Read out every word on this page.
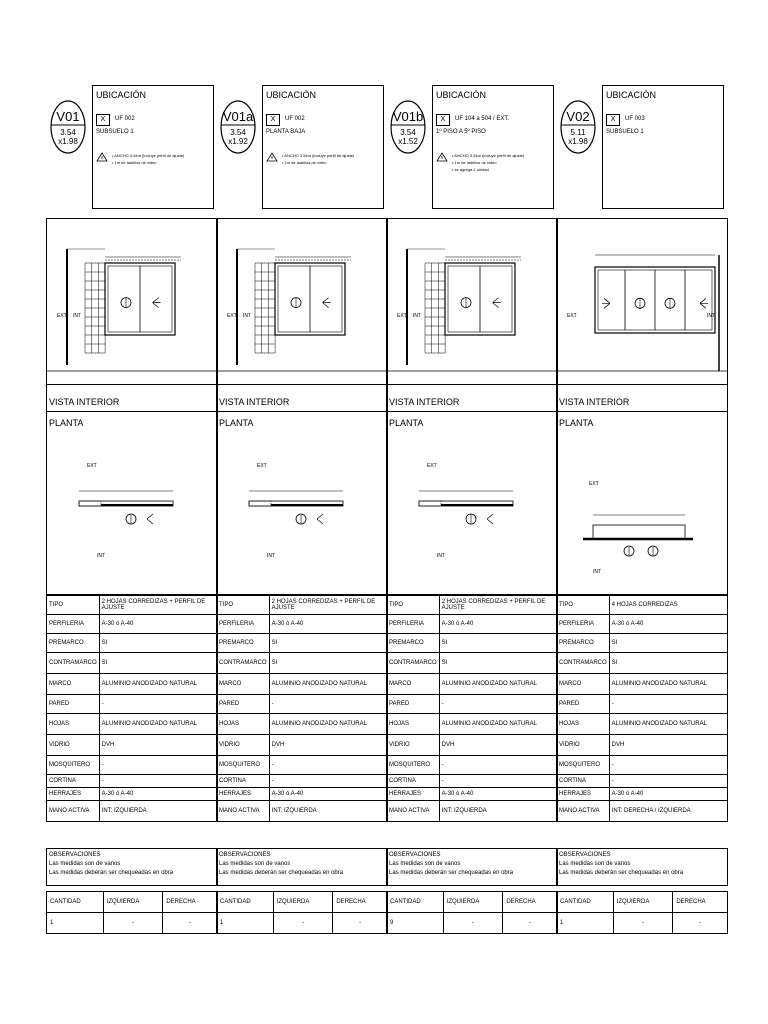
V01
3.54
x1.98
UBICACIÓN
X	UF 002
SUBSUELO 1
• ANCHO 3.54m (incluye perfil de ajuste)
• 1m de ladrillos de vidrio
EXT INT
VISTA INTERIOR
PLANTA
EXT
INT
TIPO	2 HOJAS CORREDIZAS + PERFIL DE AJUSTE
PERFILERIA	A-30 ó A-40
PREMARCO	SI
CONTRAMARCO	SI
MARCO	ALUMINIO ANODIZADO NATURAL
PARED	-
HOJAS	ALUMINIO ANODIZADO NATURAL
VIDRIO	DVH
MOSQUITERO	-
CORTINA	-
HERRAJES	A-30 ó A-40
MANO ACTIVA	INT: IZQUIERDA
OBSERVACIONES
Las medidas son de vanos
Las medidas deberán ser chequeadas en obra
CANTIDAD	IZQUIERDA	DERECHA
1	-	-
V01a
3.54
x1.92
UBICACIÓN
X	UF 002
PLANTA BAJA
• ANCHO 3.54m (incluye perfil de ajuste)
• 1m de ladrillos de vidrio
EXT INT
VISTA INTERIOR
PLANTA
EXT
INT
TIPO	2 HOJAS CORREDIZAS + PERFIL DE AJUSTE
PERFILERIA	A-30 ó A-40
PREMARCO	SI
CONTRAMARCO	SI
MARCO	ALUMINIO ANODIZADO NATURAL
PARED	-
HOJAS	ALUMINIO ANODIZADO NATURAL
VIDRIO	DVH
MOSQUITERO	-
CORTINA	-
HERRAJES	A-30 ó A-40
MANO ACTIVA	INT: IZQUIERDA
OBSERVACIONES
Las medidas son de vanos
Las medidas deberán ser chequeadas en obra
CANTIDAD	IZQUIERDA	DERECHA
1	-	-
V01b
3.54
x1.52
UBICACIÓN
X	UF 104 a 504 / EXT.
1º PISO A 5º PISO
• ANCHO 3.54m (incluye perfil de ajuste)
• 1m de ladrillos de vidrio
• se agrega 1 unidad
EXT INT
VISTA INTERIOR
PLANTA
EXT
INT
TIPO	2 HOJAS CORREDIZAS + PERFIL DE AJUSTE
PERFILERIA	A-30 ó A-40
PREMARCO	SI
CONTRAMARCO	SI
MARCO	ALUMINIO ANODIZADO NATURAL
PARED	-
HOJAS	ALUMINIO ANODIZADO NATURAL
VIDRIO	DVH
MOSQUITERO	-
CORTINA	-
HERRAJES	A-30 ó A-40
MANO ACTIVA	INT: IZQUIERDA
OBSERVACIONES
Las medidas son de vanos
Las medidas deberán ser chequeadas en obra
CANTIDAD	IZQUIERDA	DERECHA
9	-	-
V02
5.11
x1.98
UBICACIÓN
X	UF 003
SUBSUELO 1
EXT	INT
VISTA INTERIOR
PLANTA
EXT
INT
TIPO	4 HOJAS CORREDIZAS
PERFILERIA	A-30 ó A-40
PREMARCO	SI
CONTRAMARCO	SI
MARCO	ALUMINIO ANODIZADO NATURAL
PARED	-
HOJAS	ALUMINIO ANODIZADO NATURAL
VIDRIO	DVH
MOSQUITERO	-
CORTINA	-
HERRAJES	A-30 ó A-40
MANO ACTIVA	INT: DERECHA / IZQUIERDA
OBSERVACIONES
Las medidas son de vanos
Las medidas deberán ser chequeadas en obra
CANTIDAD	IZQUIERDA	DERECHA
1	-	-
